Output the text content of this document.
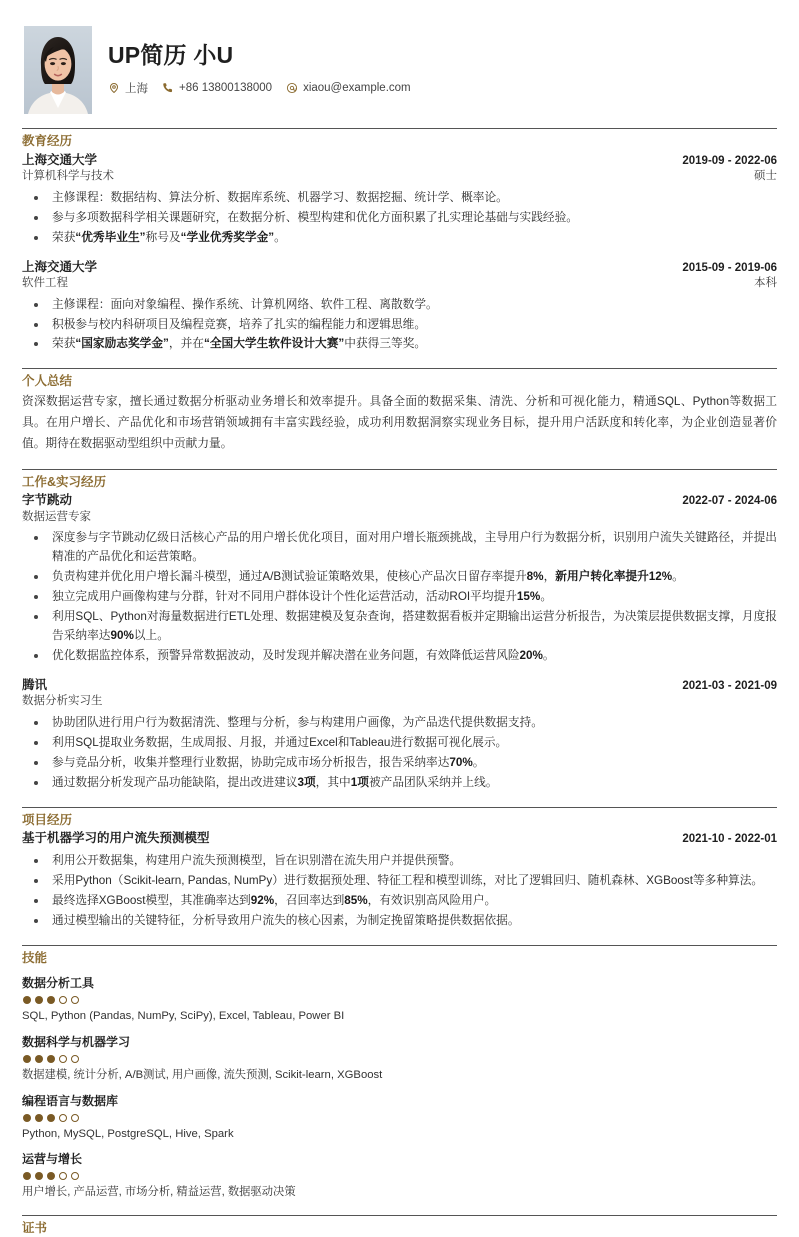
UP简历 小U
上海	+86 13800138000	xiaou@example.com
教育经历
上海交通大学	2019-09 - 2022-06
计算机科学与技术	硕士
主修课程：数据结构、算法分析、数据库系统、机器学习、数据挖掘、统计学、概率论。
参与多项数据科学相关课题研究，在数据分析、模型构建和优化方面积累了扎实理论基础与实践经验。
荣获“优秀毕业生”称号及“学业优秀奖学金”。
上海交通大学	2015-09 - 2019-06
软件工程	本科
主修课程：面向对象编程、操作系统、计算机网络、软件工程、离散数学。
积极参与校内科研项目及编程竞赛，培养了扎实的编程能力和逻辑思维。
荣获“国家励志奖学金”，并在“全国大学生软件设计大赛”中获得三等奖。
个人总结

资深数据运营专家，擅长通过数据分析驱动业务增长和效率提升。具备全面的数据采集、清洗、分析和可视化能力，精通SQL、Python等数据工具。在用户增长、产品优化和市场营销领域拥有丰富实践经验，成功利用数据洞察实现业务目标，提升用户活跃度和转化率，为企业创造显著价值。期待在数据驱动型组织中贡献力量。

工作&实习经历
字节跳动	2022-07 - 2024-06
数据运营专家
深度参与字节跳动亿级日活核心产品的用户增长优化项目，面对用户增长瓶颈挑战，主导用户行为数据分析，识别用户流失关键路径，并提出精准的产品优化和运营策略。
负责构建并优化用户增长漏斗模型，通过A/B测试验证策略效果，使核心产品次日留存率提升8%，新用户转化率提升12%。
独立完成用户画像构建与分群，针对不同用户群体设计个性化运营活动，活动ROI平均提升15%。
利用SQL、Python对海量数据进行ETL处理、数据建模及复杂查询，搭建数据看板并定期输出运营分析报告，为决策层提供数据支撑，月度报告采纳率达90%以上。
优化数据监控体系，预警异常数据波动，及时发现并解决潜在业务问题，有效降低运营风险20%。
腾讯	2021-03 - 2021-09
数据分析实习生
协助团队进行用户行为数据清洗、整理与分析，参与构建用户画像，为产品迭代提供数据支持。
利用SQL提取业务数据，生成周报、月报，并通过Excel和Tableau进行数据可视化展示。
参与竞品分析，收集并整理行业数据，协助完成市场分析报告，报告采纳率达70%。
通过数据分析发现产品功能缺陷，提出改进建议3项，其中1项被产品团队采纳并上线。
项目经历
基于机器学习的用户流失预测模型	2021-10 - 2022-01
利用公开数据集，构建用户流失预测模型，旨在识别潜在流失用户并提供预警。
采用Python（Scikit-learn, Pandas, NumPy）进行数据预处理、特征工程和模型训练，对比了逻辑回归、随机森林、XGBoost等多种算法。
最终选择XGBoost模型，其准确率达到92%，召回率达到85%，有效识别高风险用户。
通过模型输出的关键特征，分析导致用户流失的核心因素，为制定挽留策略提供数据依据。
技能
数据分析工具
SQL, Python (Pandas, NumPy, SciPy), Excel, Tableau, Power BI
数据科学与机器学习
数据建模, 统计分析, A/B测试, 用户画像, 流失预测, Scikit-learn, XGBoost
编程语言与数据库
Python, MySQL, PostgreSQL, Hive, Spark
运营与增长
用户增长, 产品运营, 市场分析, 精益运营, 数据驱动决策
证书
